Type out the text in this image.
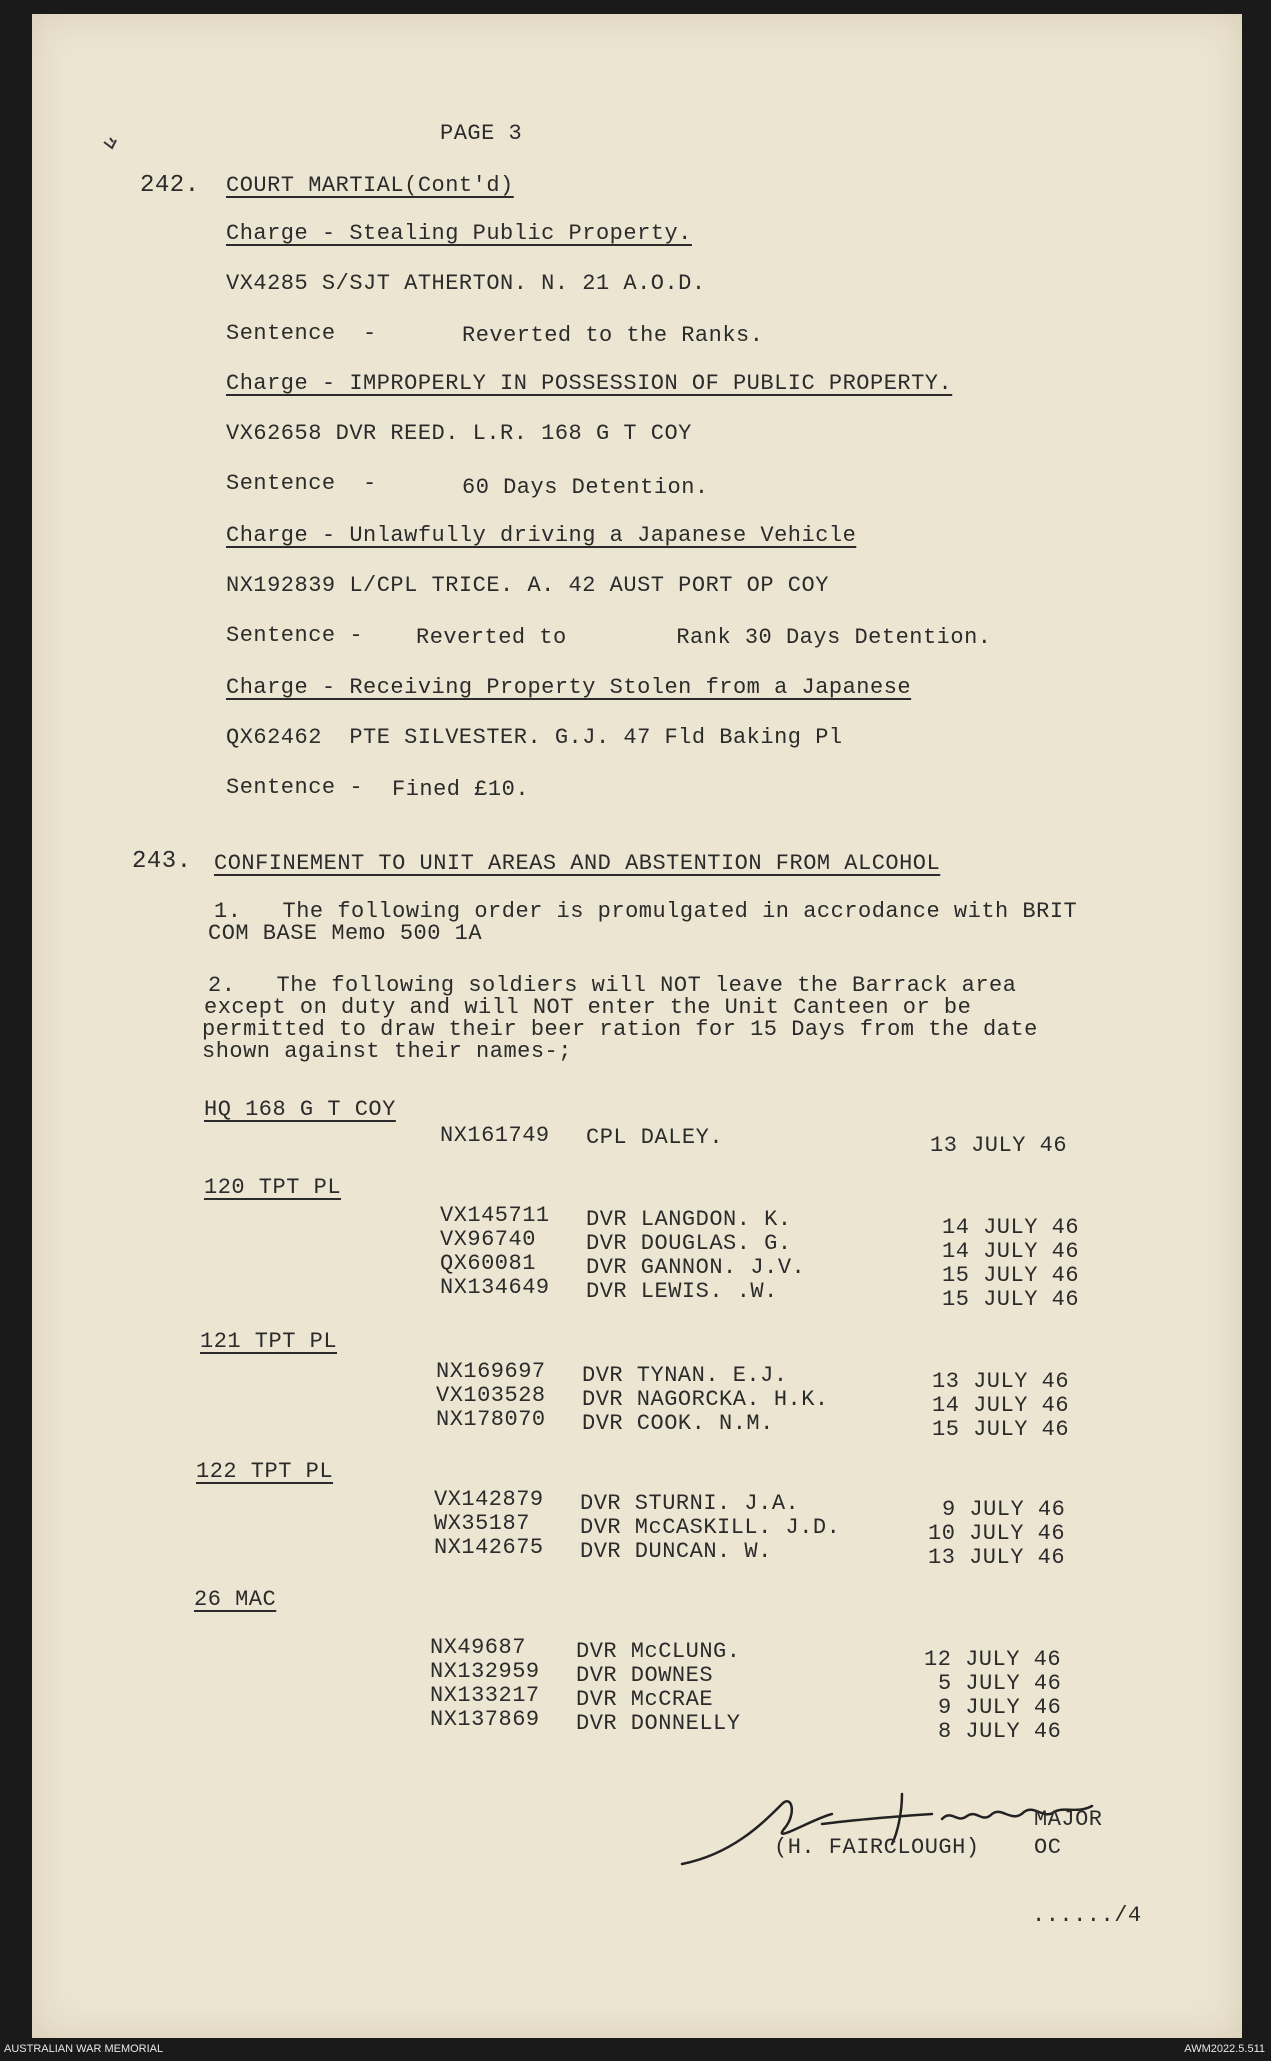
PAGE 3
242. COURT MARTIAL(Cont'd)
Charge - Stealing Public Property.
VX4285 S/SJT ATHERTON. N. 21 A.O.D.
Sentence  -	Reverted to the Ranks.
Charge - IMPROPERLY IN POSSESSION OF PUBLIC PROPERTY.
VX62658 DVR REED. L.R. 168 G T COY
Sentence  -	60 Days Detention.
Charge - Unlawfully driving a Japanese Vehicle
NX192839 L/CPL TRICE. A. 42 AUST PORT OP COY
Sentence - Reverted to        Rank 30 Days Detention.
Charge - Receiving Property Stolen from a Japanese
QX62462  PTE SILVESTER. G.J. 47 Fld Baking Pl
Sentence - Fined £10.
243. CONFINEMENT TO UNIT AREAS AND ABSTENTION FROM ALCOHOL
1.   The following order is promulgated in accrodance with BRIT
COM BASE Memo 500 1A
2.   The following soldiers will NOT leave the Barrack area
except on duty and will NOT enter the Unit Canteen or be
permitted to draw their beer ration for 15 Days from the date
shown against their names-;
HQ 168 G T COY
NX161749 CPL DALEY.	13 JULY 46
120 TPT PL
VX145711 DVR LANGDON. K.	14 JULY 46
VX96740 DVR DOUGLAS. G.	14 JULY 46
QX60081 DVR GANNON. J.V.	15 JULY 46
NX134649 DVR LEWIS. .W.	15 JULY 46
121 TPT PL
NX169697 DVR TYNAN. E.J.	13 JULY 46
VX103528 DVR NAGORCKA. H.K.	14 JULY 46
NX178070 DVR COOK. N.M.	15 JULY 46
122 TPT PL
VX142879 DVR STURNI. J.A.	9 JULY 46
WX35187 DVR McCASKILL. J.D.	10 JULY 46
NX142675 DVR DUNCAN. W.	13 JULY 46
26 MAC
NX49687 DVR McCLUNG.	12 JULY 46
NX132959 DVR DOWNES	5 JULY 46
NX133217 DVR McCRAE	9 JULY 46
NX137869 DVR DONNELLY	8 JULY 46
MAJOR
(H. FAIRCLOUGH) OC
....../4
AUSTRALIAN WAR MEMORIAL	AWM2022.5.511
